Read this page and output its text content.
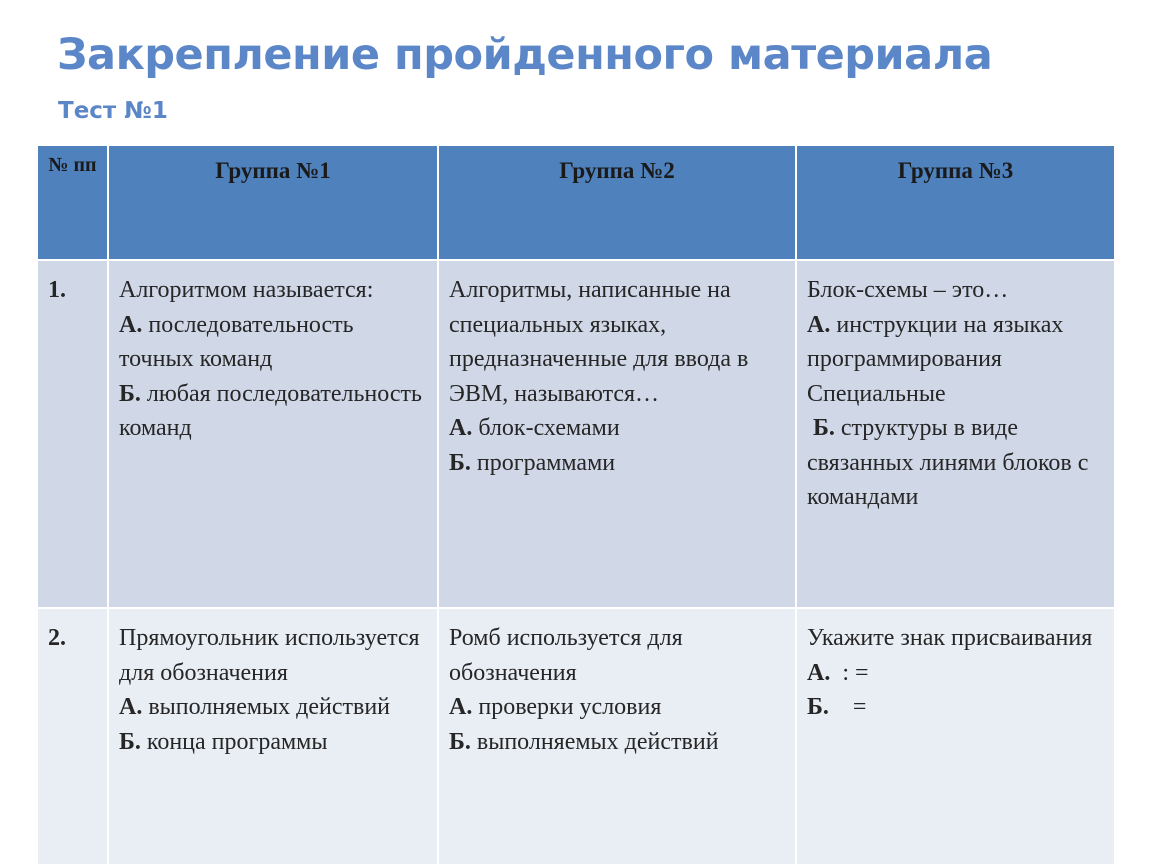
Закрепление пройденного материала
Тест №1
№ пп	Группа №1	Группа №2	Группа №3
1.	Алгоритмом называется:
А. последовательность точных команд
Б. любая последовательность команд	Алгоритмы, написанные на специальных языках, предназначенные для ввода в ЭВМ, называются…
А. блок-схемами
Б. программами	Блок-схемы – это…
А. инструкции на языках программирования Специальные
Б. структуры в виде связанных линями блоков с командами
2.	Прямоугольник используется для обозначения
А. выполняемых действий
Б. конца программы	Ромб используется для обозначения
А. проверки условия
Б. выполняемых действий	Укажите знак присваивания
А. : =
Б. =
